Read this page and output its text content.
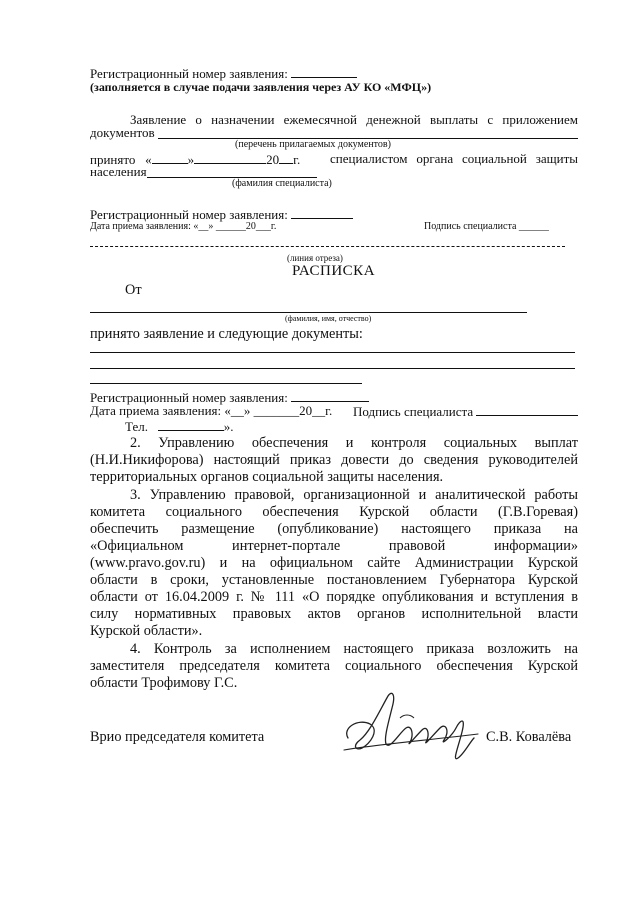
Регистрационный номер заявления:
(заполняется в случае подачи заявления через АУ КО «МФЦ»)
Заявление о назначении ежемесячной денежной выплаты с приложением
документов
(перечень прилагаемых документов)
принято «	»	20 г. специалистом органа социальной защиты
населения
(фамилия специалиста)
Регистрационный номер заявления:
Дата приема заявления: «__» ______20___г.	Подпись специалиста ______
(линия отреза)
РАСПИСКА
От
(фамилия, имя, отчество)
принято заявление и следующие документы:
Регистрационный номер заявления:
Дата приема заявления: «__» _______20__г. Подпись специалиста
Тел.	».
2. Управлению обеспечения и контроля социальных выплат
(Н.И.Никифорова) настоящий приказ довести до сведения руководителей
территориальных органов социальной защиты населения.
3. Управлению правовой, организационной и аналитической работы
комитета социального обеспечения Курской области (Г.В.Горевая)
обеспечить размещение (опубликование) настоящего приказа на
«Официальном интернет-портале правовой информации»
(www.pravo.gov.ru) и на официальном сайте Администрации Курской
области в сроки, установленные постановлением Губернатора Курской
области от 16.04.2009 г. № 111 «О порядке опубликования и вступления в
силу нормативных правовых актов органов исполнительной власти
Курской области».
4. Контроль за исполнением настоящего приказа возложить на
заместителя председателя комитета социального обеспечения Курской
области Трофимову Г.С.
Врио председателя комитета	С.В. Ковалёва
